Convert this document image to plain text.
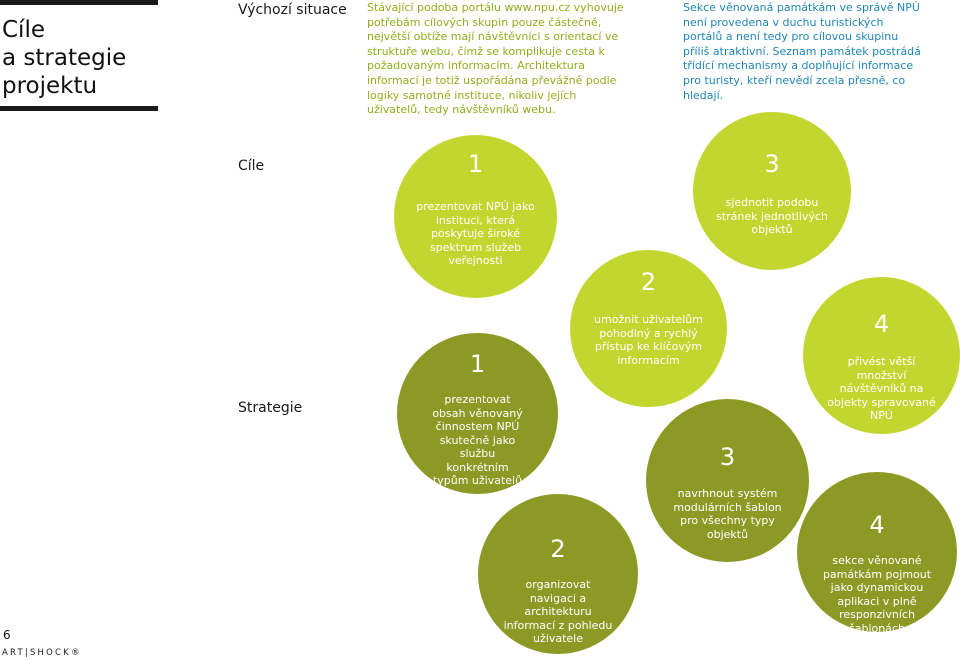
Cíle
a strategie
projektu
Výchozí situace
Cíle
Strategie

Stávající podoba portálu www.npu.cz vyhovuje potřebám cílových skupin pouze částečně, největší obtíže mají návštěvníci s orientací ve struktuře webu, čímž se komplikuje cesta k požadovaným informacím. Architektura informací je totiž uspořádána převážně podle logiky samotné instituce, nikoliv jejích uživatelů, tedy návštěvníků webu.

Sekce věnovaná památkám ve správě NPÚ není provedena v duchu turistických portálů a není tedy pro cílovou skupinu příliš atraktivní. Seznam památek postrádá třídící mechanismy a doplňující informace pro turisty, kteří nevědí zcela přesně, co hledají.

1
prezentovat NPÚ jako instituci, která poskytuje široké spektrum služeb veřejnosti
2
umožnit uživatelům pohodlný a rychlý přístup ke klíčovým informacím
3
sjednotit podobu stránek jednotlivých objektů
4
přivést větší množství návštěvníků na objekty spravované NPÚ
1
prezentovat obsah věnovaný činnostem NPÚ skutečně jako službu konkrétním typům uživatelů
2
organizovat navigaci a architekturu informací z pohledu uživatele
3
navrhnout systém modulárních šablon pro všechny typy objektů	4
sekce věnované památkám pojmout jako dynamickou aplikaci v plně responzivních šablonách
6
ART|SHOCK®
